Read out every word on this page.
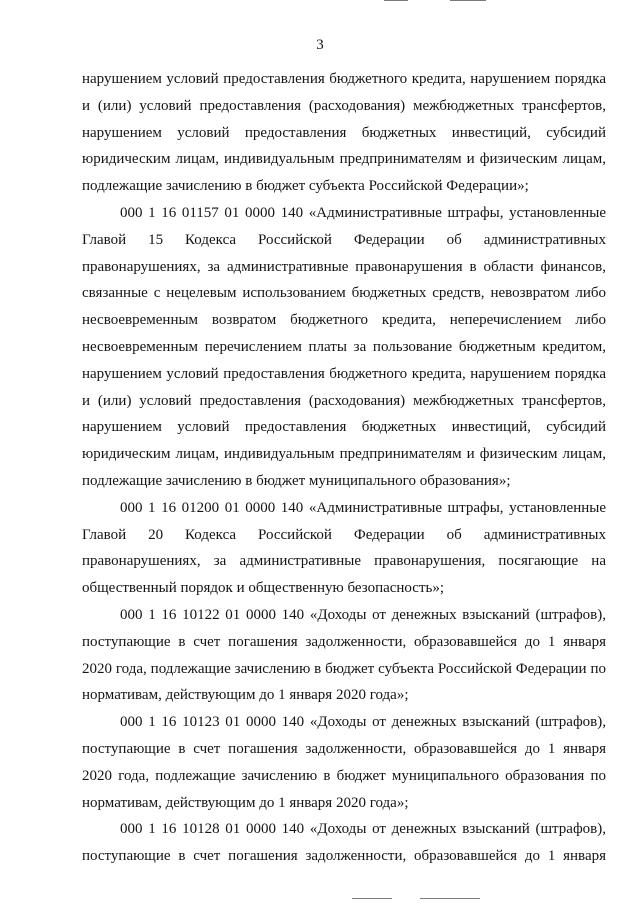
3

нарушением условий предоставления бюджетного кредита, нарушением порядка и (или) условий предоставления (расходования) межбюджетных трансфертов, нарушением условий предоставления бюджетных инвестиций, субсидий юридическим лицам, индивидуальным предпринимателям и физическим лицам, подлежащие зачислению в бюджет субъекта Российской Федерации»;

000 1 16 01157 01 0000 140 «Административные штрафы, установленные Главой 15 Кодекса Российской Федерации об административных правонарушениях, за административные правонарушения в области финансов, связанные с нецелевым использованием бюджетных средств, невозвратом либо несвоевременным возвратом бюджетного кредита, неперечислением либо несвоевременным перечислением платы за пользование бюджетным кредитом, нарушением условий предоставления бюджетного кредита, нарушением порядка и (или) условий предоставления (расходования) межбюджетных трансфертов, нарушением условий предоставления бюджетных инвестиций, субсидий юридическим лицам, индивидуальным предпринимателям и физическим лицам, подлежащие зачислению в бюджет муниципального образования»;

000 1 16 01200 01 0000 140 «Административные штрафы, установленные Главой 20 Кодекса Российской Федерации об административных правонарушениях, за административные правонарушения, посягающие на общественный порядок и общественную безопасность»;

000 1 16 10122 01 0000 140 «Доходы от денежных взысканий (штрафов), поступающие в счет погашения задолженности, образовавшейся до 1 января 2020 года, подлежащие зачислению в бюджет субъекта Российской Федерации по нормативам, действующим до 1 января 2020 года»;

000 1 16 10123 01 0000 140 «Доходы от денежных взысканий (штрафов), поступающие в счет погашения задолженности, образовавшейся до 1 января 2020 года, подлежащие зачислению в бюджет муниципального образования по нормативам, действующим до 1 января 2020 года»;

000 1 16 10128 01 0000 140 «Доходы от денежных взысканий (штрафов), поступающие в счет погашения задолженности, образовавшейся до 1 января
